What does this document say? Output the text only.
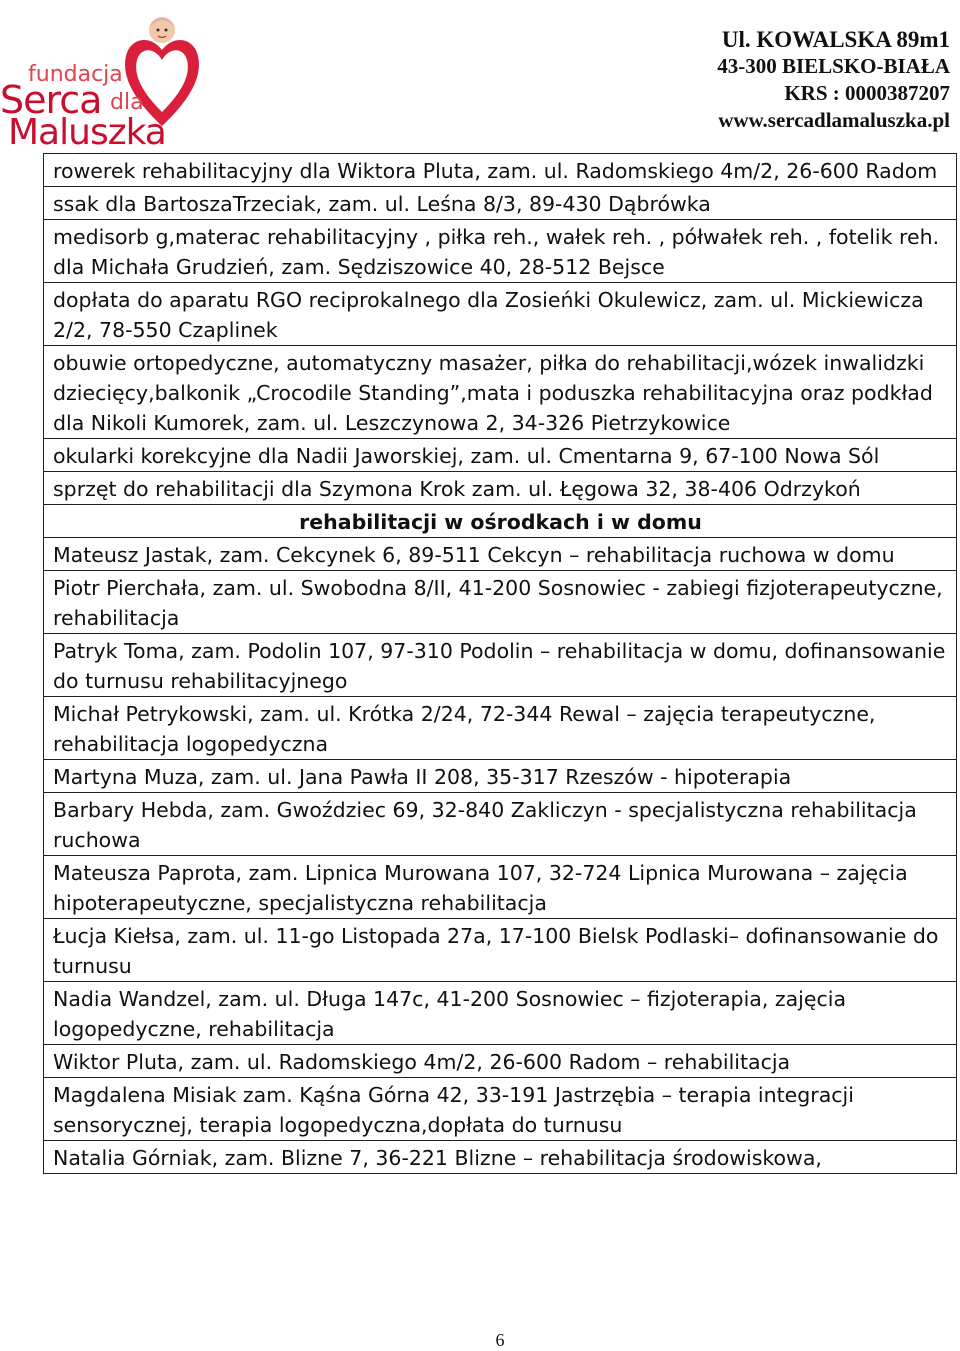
fundacja
Serca dla
Maluszka
Ul. KOWALSKA 89m1
43-300 BIELSKO-BIAŁA
KRS : 0000387207
www.sercadlamaluszka.pl
rowerek rehabilitacyjny dla Wiktora Pluta, zam. ul. Radomskiego 4m/2, 26-600 Radom
ssak dla BartoszaTrzeciak, zam. ul. Leśna 8/3, 89-430 Dąbrówka
medisorb g,materac rehabilitacyjny , piłka reh., wałek reh. , półwałek reh. , fotelik reh. dla Michała Grudzień, zam. Sędziszowice 40, 28-512 Bejsce
dopłata do aparatu RGO reciprokalnego dla Zosieńki Okulewicz, zam. ul. Mickiewicza 2/2, 78-550 Czaplinek
obuwie ortopedyczne, automatyczny masażer, piłka do rehabilitacji,wózek inwalidzki dziecięcy,balkonik „Crocodile Standing”,mata i poduszka rehabilitacyjna oraz podkład dla Nikoli Kumorek, zam. ul. Leszczynowa 2, 34-326 Pietrzykowice
okularki korekcyjne dla Nadii Jaworskiej, zam. ul. Cmentarna 9, 67-100 Nowa Sól
sprzęt do rehabilitacji dla Szymona Krok zam. ul. Łęgowa 32, 38-406 Odrzykoń
rehabilitacji w ośrodkach i w domu
Mateusz Jastak, zam. Cekcynek 6, 89-511 Cekcyn – rehabilitacja ruchowa w domu
Piotr Pierchała, zam. ul. Swobodna 8/II, 41-200 Sosnowiec - zabiegi fizjoterapeutyczne, rehabilitacja
Patryk Toma, zam. Podolin 107, 97-310 Podolin – rehabilitacja w domu, dofinansowanie do turnusu rehabilitacyjnego
Michał Petrykowski, zam. ul. Krótka 2/24, 72-344 Rewal – zajęcia terapeutyczne,
rehabilitacja logopedyczna
Martyna Muza, zam. ul. Jana Pawła II 208, 35-317 Rzeszów - hipoterapia
Barbary Hebda, zam. Gwoździec 69, 32-840 Zakliczyn - specjalistyczna rehabilitacja ruchowa
Mateusza Paprota, zam. Lipnica Murowana 107, 32-724 Lipnica Murowana – zajęcia hipoterapeutyczne, specjalistyczna rehabilitacja
Łucja Kiełsa, zam. ul. 11-go Listopada 27a, 17-100 Bielsk Podlaski– dofinansowanie do turnusu
Nadia Wandzel, zam. ul. Długa 147c, 41-200 Sosnowiec – fizjoterapia, zajęcia logopedyczne, rehabilitacja
Wiktor Pluta, zam. ul. Radomskiego 4m/2, 26-600 Radom – rehabilitacja
Magdalena Misiak zam. Kąśna Górna 42, 33-191 Jastrzębia – terapia integracji sensorycznej, terapia logopedyczna,dopłata do turnusu
Natalia Górniak, zam. Blizne 7, 36-221 Blizne – rehabilitacja środowiskowa,
6
